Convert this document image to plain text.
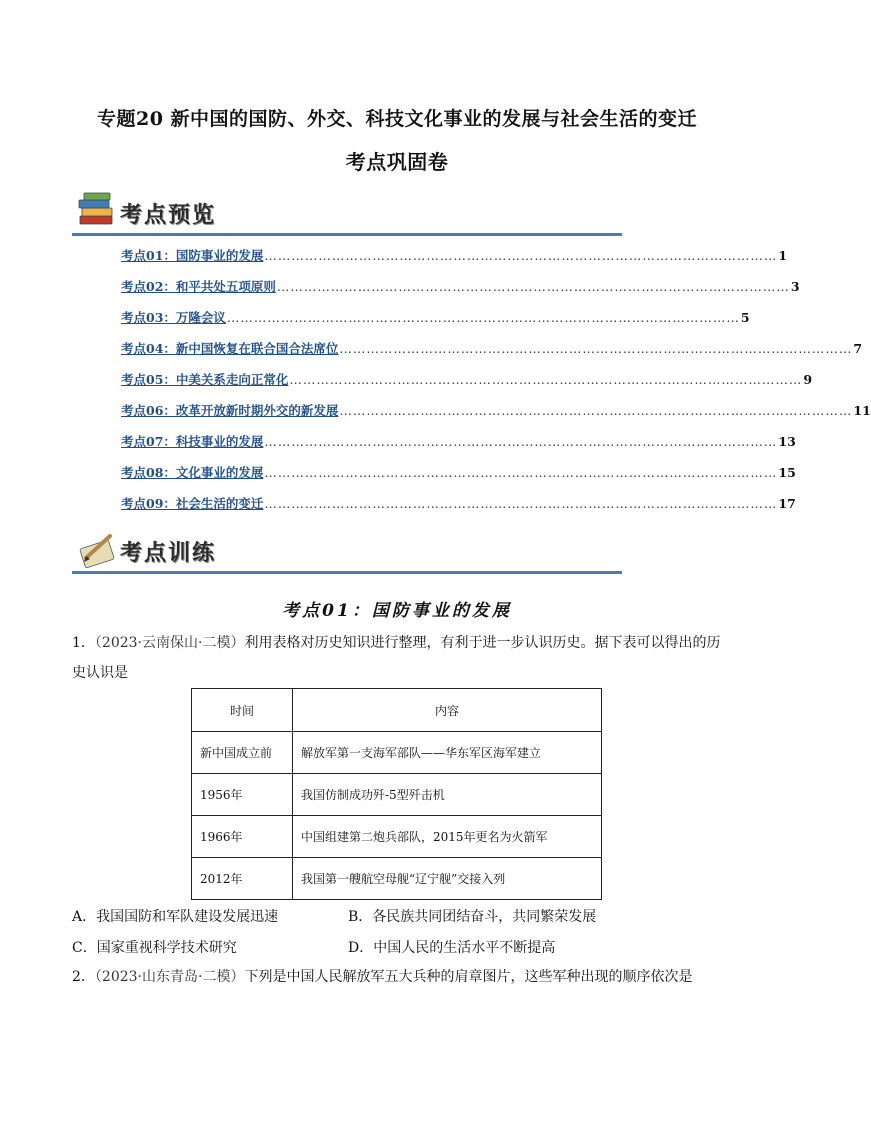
专题20 新中国的国防、外交、科技文化事业的发展与社会生活的变迁
考点巩固卷
考点预览
考点01：国防事业的发展 …………………………………………………………………………………………………… 1
考点02：和平共处五项原则 …………………………………………………………………………………………………… 3
考点03：万隆会议 …………………………………………………………………………………………………… 5
考点04：新中国恢复在联合国合法席位 …………………………………………………………………………………………………… 7
考点05：中美关系走向正常化 …………………………………………………………………………………………………… 9
考点06：改革开放新时期外交的新发展 …………………………………………………………………………………………………… 11
考点07：科技事业的发展 …………………………………………………………………………………………………… 13
考点08：文化事业的发展 …………………………………………………………………………………………………… 15
考点09：社会生活的变迁 …………………………………………………………………………………………………… 17
考点训练
考点01：国防事业的发展
1．（2023·云南保山·二模）利用表格对历史知识进行整理，有利于进一步认识历史。据下表可以得出的历史认识是
时间	内容
新中国成立前	解放军第一支海军部队——华东军区海军建立
1956年	我国仿制成功歼-5型歼击机
1966年	中国组建第二炮兵部队，2015年更名为火箭军
2012年	我国第一艘航空母舰“辽宁舰”交接入列
A．我国国防和军队建设发展迅速	B．各民族共同团结奋斗，共同繁荣发展
C．国家重视科学技术研究	D．中国人民的生活水平不断提高
2．（2023·山东青岛·二模）下列是中国人民解放军五大兵种的肩章图片，这些军种出现的顺序依次是
